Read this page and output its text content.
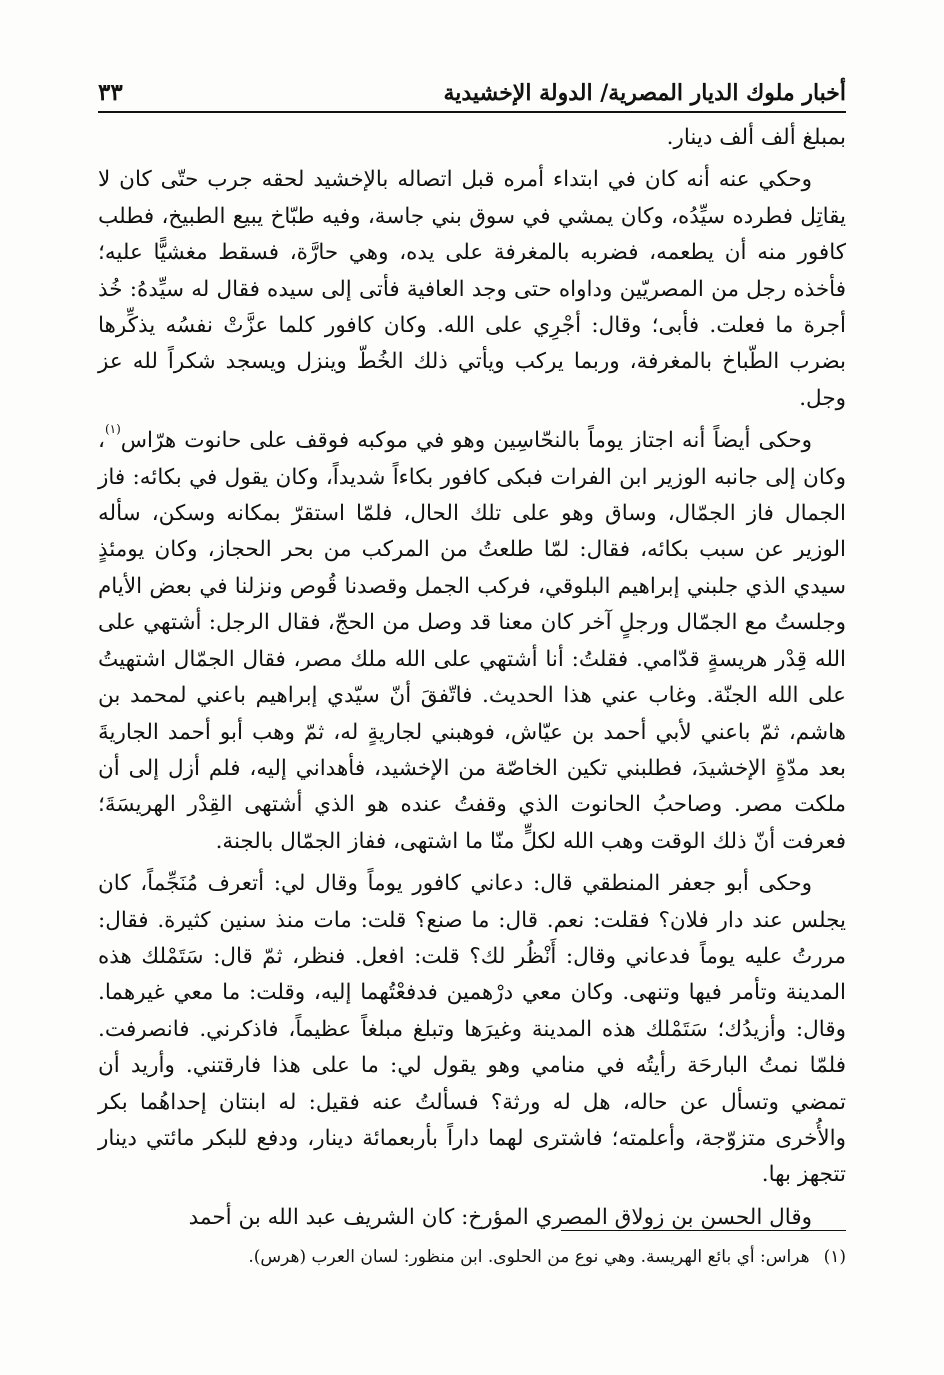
أخبار ملوك الديار المصرية/ الدولة الإخشيدية
٣٣

بمبلغ ألف ألف دينار.

وحكي عنه أنه كان في ابتداء أمره قبل اتصاله بالإخشيد لحقه جرب حتّى كان لا يقاتِل فطرده سيِّدُه، وكان يمشي في سوق بني جاسة، وفيه طبّاخ يبيع الطبيخ، فطلب كافور منه أن يطعمه، فضربه بالمغرفة على يده، وهي حارَّة، فسقط مغشيًّا عليه؛ فأخذه رجل من المصريّين وداواه حتى وجد العافية فأتى إلى سيده فقال له سيِّدهُ: خُذ أجرة ما فعلت. فأبى؛ وقال: أجْرِي على الله. وكان كافور كلما عزَّتْ نفسُه يذكِّرها بضرب الطّباخ بالمغرفة، وربما يركب ويأتي ذلك الخُطّ وينزل ويسجد شكراً لله عز وجل.

وحكى أيضاً أنه اجتاز يوماً بالنحّاسِين وهو في موكبه فوقف على حانوت هرّاس$^{(١)}$، وكان إلى جانبه الوزير ابن الفرات فبكى كافور بكاءاً شديداً، وكان يقول في بكائه: فاز الجمال فاز الجمّال، وساق وهو على تلك الحال، فلمّا استقرّ بمكانه وسكن، سأله الوزير عن سبب بكائه، فقال: لمّا طلعتُ من المركب من بحر الحجاز، وكان يومئذٍ سيدي الذي جلبني إبراهيم البلوقي، فركب الجمل وقصدنا قُوص ونزلنا في بعض الأيام وجلستُ مع الجمّال ورجلٍ آخر كان معنا قد وصل من الحجّ، فقال الرجل: أشتهي على الله قِدْر هريسةٍ قدّامي. فقلتُ: أنا أشتهي على الله ملك مصر، فقال الجمّال اشتهيتُ على الله الجنّة. وغاب عني هذا الحديث. فاتّفقَ أنّ سيّدي إبراهيم باعني لمحمد بن هاشم، ثمّ باعني لأبي أحمد بن عيّاش، فوهبني لجاريةٍ له، ثمّ وهب أبو أحمد الجاريةَ بعد مدّةٍ الإخشيدَ، فطلبني تكين الخاصّة من الإخشيد، فأهداني إليه، فلم أزل إلى أن ملكت مصر. وصاحبُ الحانوت الذي وقفتُ عنده هو الذي أشتهى القِدْر الهريسَةَ؛ فعرفت أنّ ذلك الوقت وهب الله لكلٍّ منّا ما اشتهى، ففاز الجمّال بالجنة.

وحكى أبو جعفر المنطقي قال: دعاني كافور يوماً وقال لي: أتعرف مُنَجِّماً، كان يجلس عند دار فلان؟ فقلت: نعم. قال: ما صنع؟ قلت: مات منذ سنين كثيرة. فقال: مررتُ عليه يوماً فدعاني وقال: أَنْظُر لك؟ قلت: افعل. فنظر، ثمّ قال: سَتَمْلك هذه المدينة وتأمر فيها وتنهى. وكان معي درْهمين فدفعْتُهما إليه، وقلت: ما معي غيرهما. وقال: وأزيدُك؛ سَتَمْلك هذه المدينة وغيرَها وتبلغ مبلغاً عظيماً، فاذكرني. فانصرفت. فلمّا نمتُ البارحَة رأيتُه في منامي وهو يقول لي: ما على هذا فارقتني. وأريد أن تمضي وتسأل عن حاله، هل له ورثة؟ فسألتُ عنه فقيل: له ابنتان إحداهُما بكر والأُخرى متزوّجة، وأعلمته؛ فاشترى لهما داراً بأربعمائة دينار، ودفع للبكر مائتي دينار تتجهز بها.

وقال الحسن بن زولاق المصري المؤرخ: كان الشريف عبد الله بن أحمد

(١)هراس: أي بائع الهريسة. وهي نوع من الحلوى. ابن منظور: لسان العرب (هرس).
